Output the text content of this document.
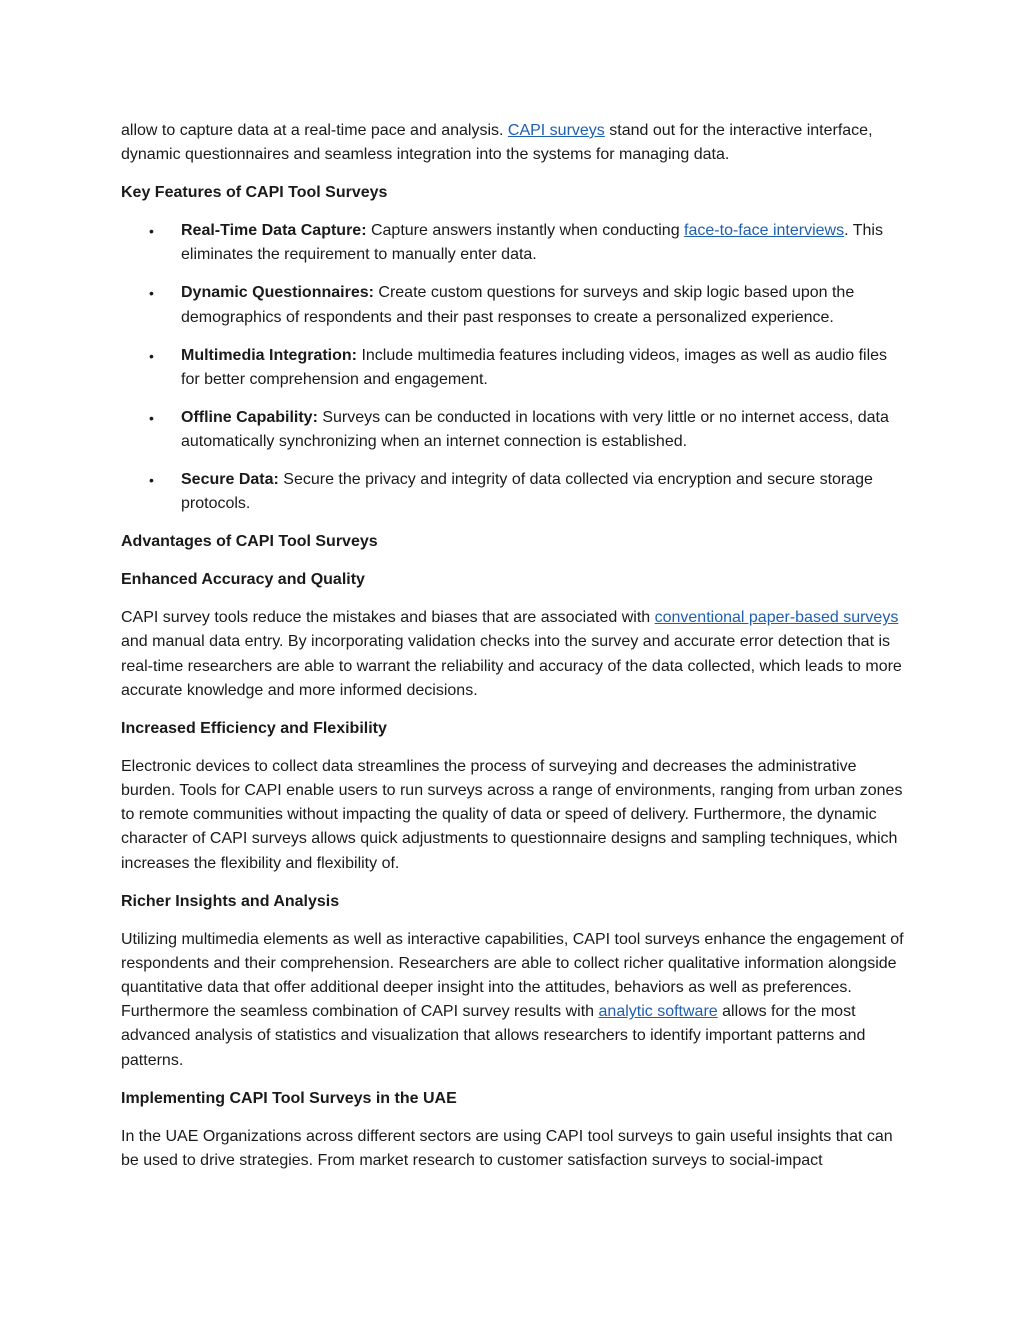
allow to capture data at a real-time pace and analysis. CAPI surveys stand out for the interactive interface, dynamic questionnaires and seamless integration into the systems for managing data.

Key Features of CAPI Tool Surveys

• Real-Time Data Capture: Capture answers instantly when conducting face-to-face interviews. This eliminates the requirement to manually enter data.
• Dynamic Questionnaires: Create custom questions for surveys and skip logic based upon the demographics of respondents and their past responses to create a personalized experience.
• Multimedia Integration: Include multimedia features including videos, images as well as audio files for better comprehension and engagement.
• Offline Capability: Surveys can be conducted in locations with very little or no internet access, data automatically synchronizing when an internet connection is established.
• Secure Data: Secure the privacy and integrity of data collected via encryption and secure storage protocols.

Advantages of CAPI Tool Surveys

Enhanced Accuracy and Quality

CAPI survey tools reduce the mistakes and biases that are associated with conventional paper-based surveys and manual data entry. By incorporating validation checks into the survey and accurate error detection that is real-time researchers are able to warrant the reliability and accuracy of the data collected, which leads to more accurate knowledge and more informed decisions.

Increased Efficiency and Flexibility

Electronic devices to collect data streamlines the process of surveying and decreases the administrative burden. Tools for CAPI enable users to run surveys across a range of environments, ranging from urban zones to remote communities without impacting the quality of data or speed of delivery. Furthermore, the dynamic character of CAPI surveys allows quick adjustments to questionnaire designs and sampling techniques, which increases the flexibility and flexibility of.

Richer Insights and Analysis

Utilizing multimedia elements as well as interactive capabilities, CAPI tool surveys enhance the engagement of respondents and their comprehension. Researchers are able to collect richer qualitative information alongside quantitative data that offer additional deeper insight into the attitudes, behaviors as well as preferences. Furthermore the seamless combination of CAPI survey results with analytic software allows for the most advanced analysis of statistics and visualization that allows researchers to identify important patterns and patterns.

Implementing CAPI Tool Surveys in the UAE

In the UAE Organizations across different sectors are using CAPI tool surveys to gain useful insights that can be used to drive strategies. From market research to customer satisfaction surveys to social-impact
